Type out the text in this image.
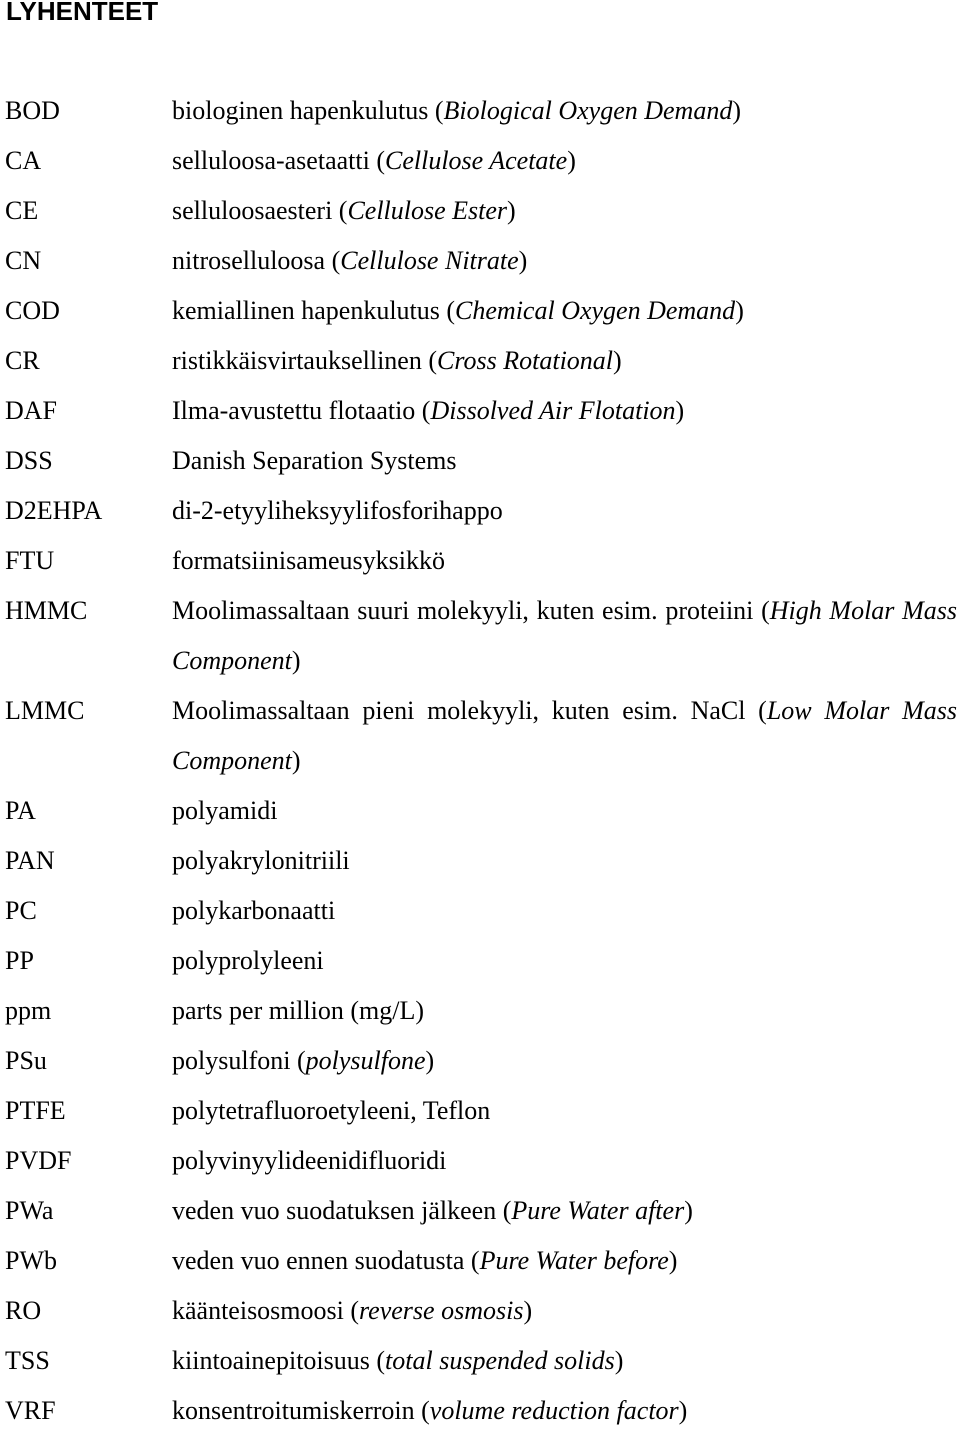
LYHENTEET
BOD	biologinen hapenkulutus (Biological Oxygen Demand)
CA	selluloosa-asetaatti (Cellulose Acetate)
CE	selluloosaesteri (Cellulose Ester)
CN	nitroselluloosa (Cellulose Nitrate)
COD	kemiallinen hapenkulutus (Chemical Oxygen Demand)
CR	ristikkäisvirtauksellinen (Cross Rotational)
DAF	Ilma-avustettu flotaatio (Dissolved Air Flotation)
DSS	Danish Separation Systems
D2EHPA	di-2-etyyliheksyylifosforihappo
FTU	formatsiinisameusyksikkö
HMMC	Moolimassaltaan suuri molekyyli, kuten esim. proteiini (High Molar Mass Component)
LMMC	Moolimassaltaan pieni molekyyli, kuten esim. NaCl (Low Molar Mass Component)
PA	polyamidi
PAN	polyakrylonitriili
PC	polykarbonaatti
PP	polyprolyleeni
ppm	parts per million (mg/L)
PSu	polysulfoni (polysulfone)
PTFE	polytetrafluoroetyleeni, Teflon
PVDF	polyvinyylideenidifluoridi
PWa	veden vuo suodatuksen jälkeen (Pure Water after)
PWb	veden vuo ennen suodatusta (Pure Water before)
RO	käänteisosmoosi (reverse osmosis)
TSS	kiintoainepitoisuus (total suspended solids)
VRF	konsentroitumiskerroin (volume reduction factor)
